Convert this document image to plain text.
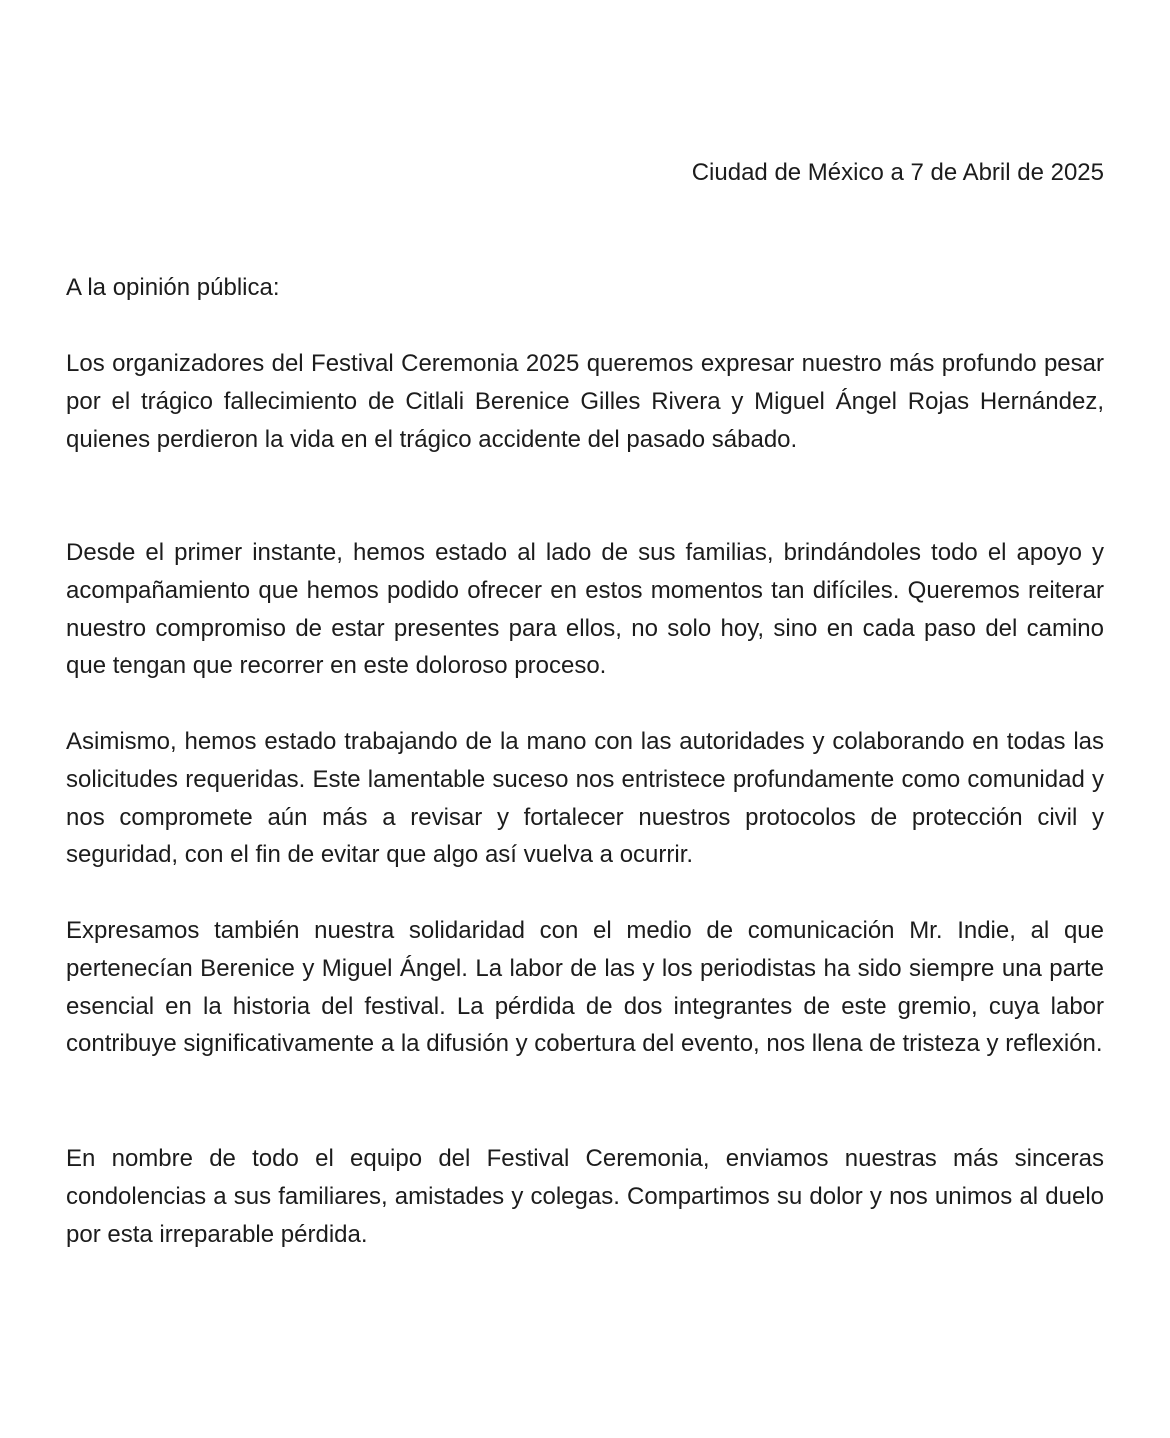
Ciudad de México a 7 de Abril de 2025

A la opinión pública:

Los organizadores del Festival Ceremonia 2025 queremos expresar nuestro más profundo pesar por el trágico fallecimiento de Citlali Berenice Gilles Rivera y Miguel Ángel Rojas Hernández, quienes perdieron la vida en el trágico accidente del pasado sábado.

Desde el primer instante, hemos estado al lado de sus familias, brindándoles todo el apoyo y acompañamiento que hemos podido ofrecer en estos momentos tan difíciles. Queremos reiterar nuestro compromiso de estar presentes para ellos, no solo hoy, sino en cada paso del camino que tengan que recorrer en este doloroso proceso.

Asimismo, hemos estado trabajando de la mano con las autoridades y colaborando en todas las solicitudes requeridas. Este lamentable suceso nos entristece profundamente como comunidad y nos compromete aún más a revisar y fortalecer nuestros protocolos de protección civil y seguridad, con el fin de evitar que algo así vuelva a ocurrir.

Expresamos también nuestra solidaridad con el medio de comunicación Mr. Indie, al que pertenecían Berenice y Miguel Ángel. La labor de las y los periodistas ha sido siempre una parte esencial en la historia del festival. La pérdida de dos integrantes de este gremio, cuya labor contribuye significativamente a la difusión y cobertura del evento, nos llena de tristeza y reflexión.

En nombre de todo el equipo del Festival Ceremonia, enviamos nuestras más sinceras condolencias a sus familiares, amistades y colegas. Compartimos su dolor y nos unimos al duelo por esta irreparable pérdida.
